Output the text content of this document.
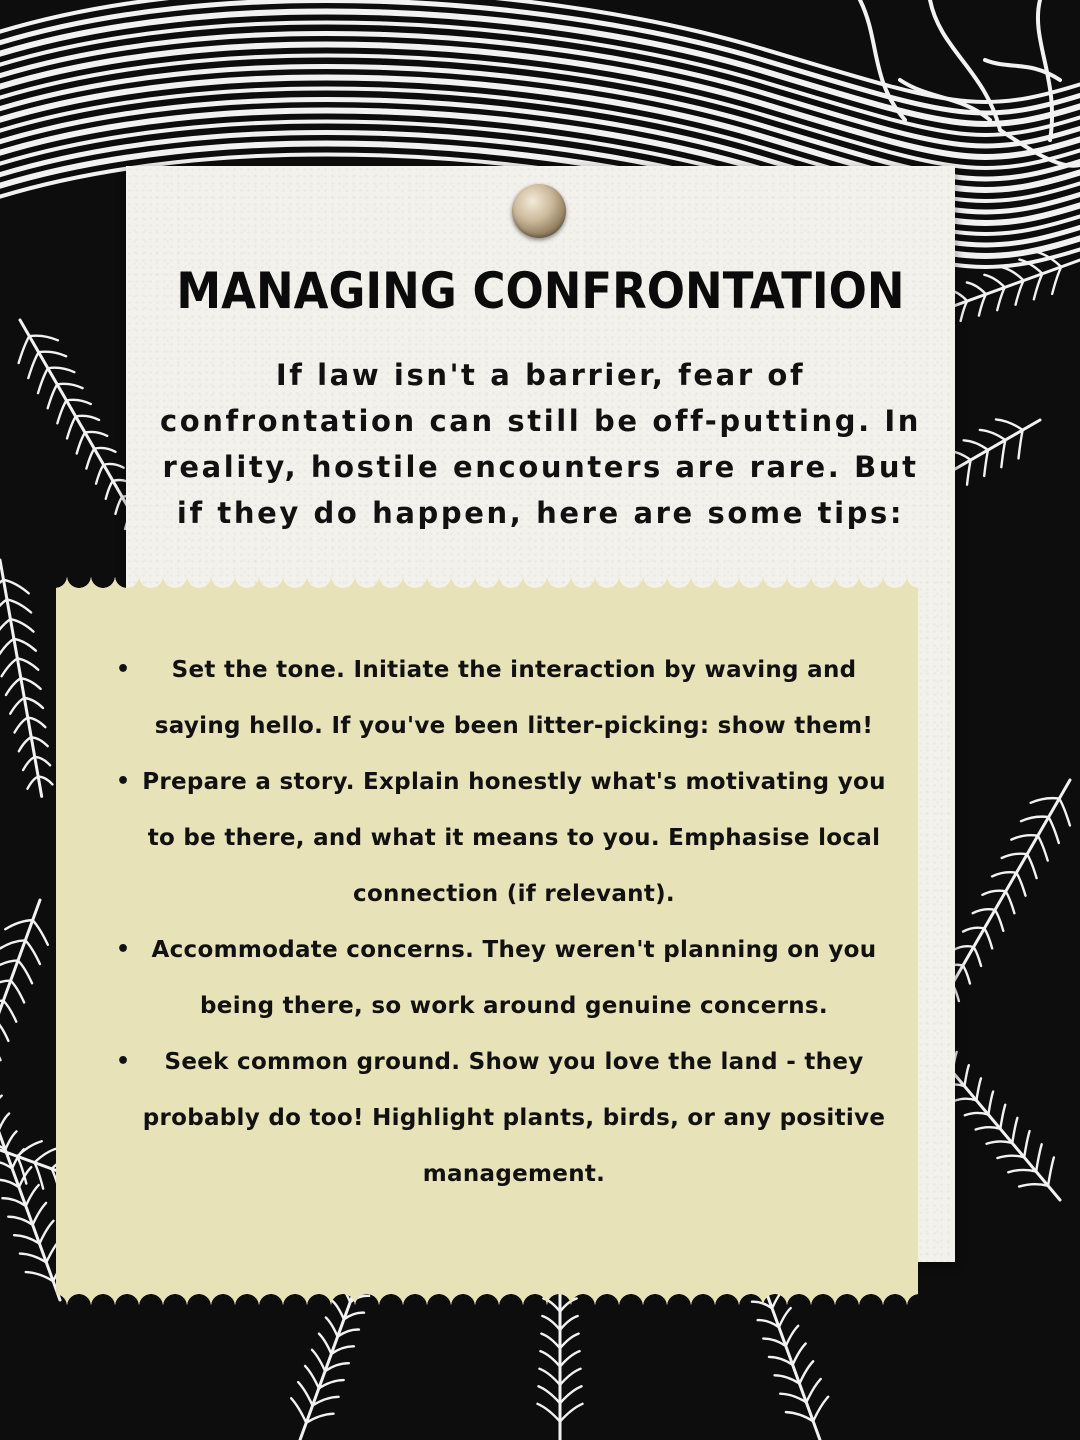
MANAGING CONFRONTATION

If law isn't a barrier, fear of confrontation can still be off-putting. In reality, hostile encounters are rare. But if they do happen, here are some tips:

• Set the tone. Initiate the interaction by waving and saying hello. If you've been litter-picking: show them!
• Prepare a story. Explain honestly what's motivating you to be there, and what it means to you. Emphasise local connection (if relevant).
• Accommodate concerns. They weren't planning on you being there, so work around genuine concerns.
• Seek common ground. Show you love the land - they probably do too! Highlight plants, birds, or any positive management.
